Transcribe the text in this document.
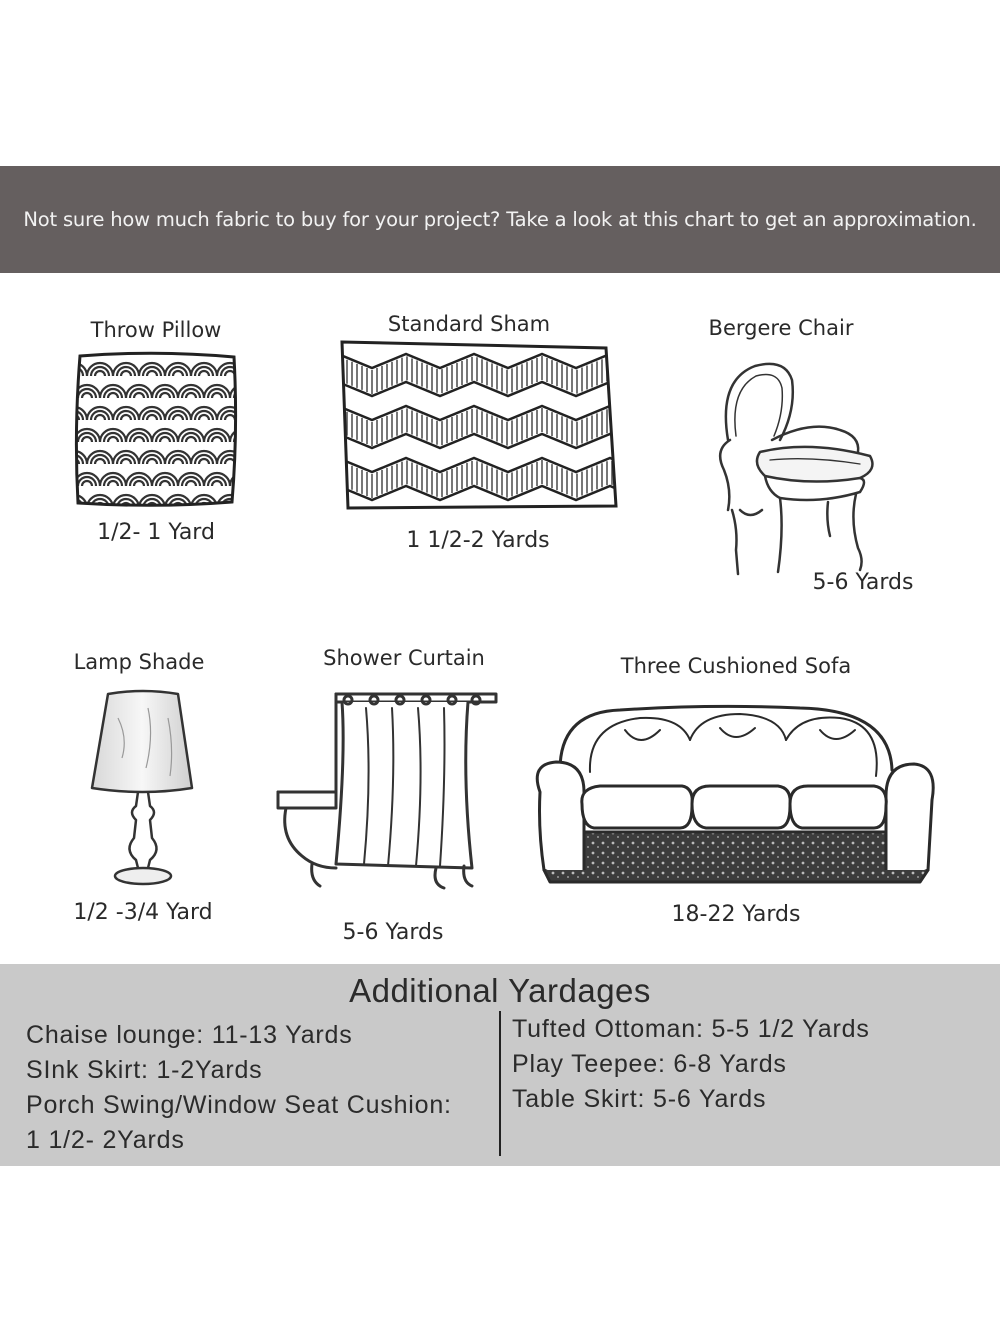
Not sure how much fabric to buy for your project? Take a look at this chart to get an approximation.
Throw Pillow
1/2- 1 Yard
Standard Sham
1 1/2-2 Yards
Bergere Chair
5-6 Yards
Lamp Shade
1/2 -3/4 Yard
Shower Curtain
5-6 Yards
Three Cushioned Sofa
18-22 Yards
Additional Yardages
Chaise lounge: 11-13 Yards
SInk Skirt: 1-2Yards
Porch Swing/Window Seat Cushion:
1 1/2- 2Yards
Tufted Ottoman: 5-5 1/2 Yards
Play Teepee: 6-8 Yards
Table Skirt: 5-6 Yards
